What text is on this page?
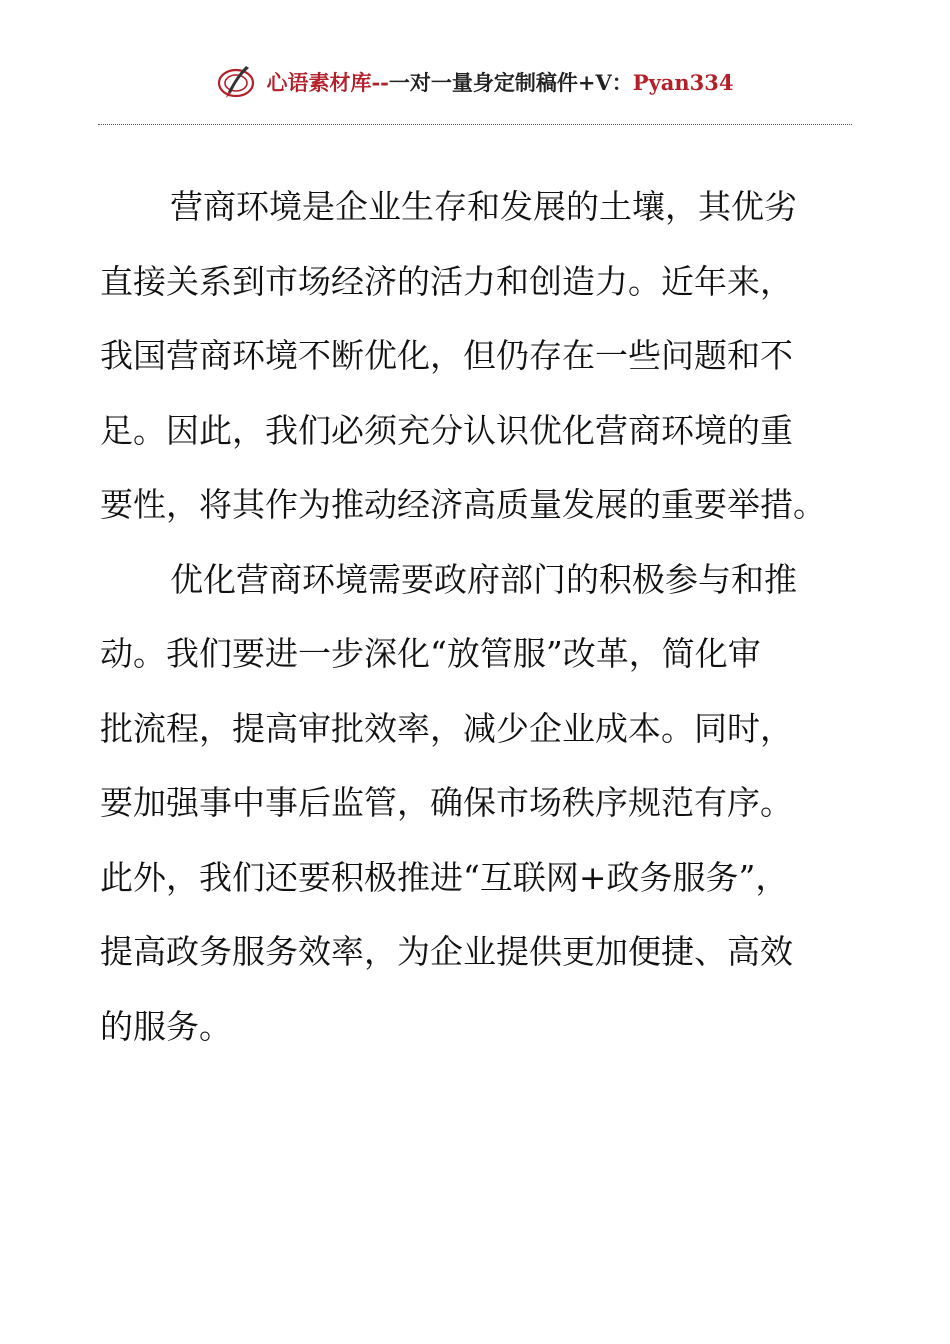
心语素材库 -- 一对一量身定制稿件 +V： Pyan334
营商环境是企业生存和发展的土壤，其优劣
直接关系到市场经济的活力和创造力。近年来，
我国营商环境不断优化，但仍存在一些问题和不
足。因此，我们必须充分认识优化营商环境的重
要性，将其作为推动经济高质量发展的重要举措。
优化营商环境需要政府部门的积极参与和推
动。我们要进一步深化“放管服”改革，简化审
批流程，提高审批效率，减少企业成本。同时，
要加强事中事后监管，确保市场秩序规范有序。
此外，我们还要积极推进“互联网+政务服务”，
提高政务服务效率，为企业提供更加便捷、高效
的服务。
